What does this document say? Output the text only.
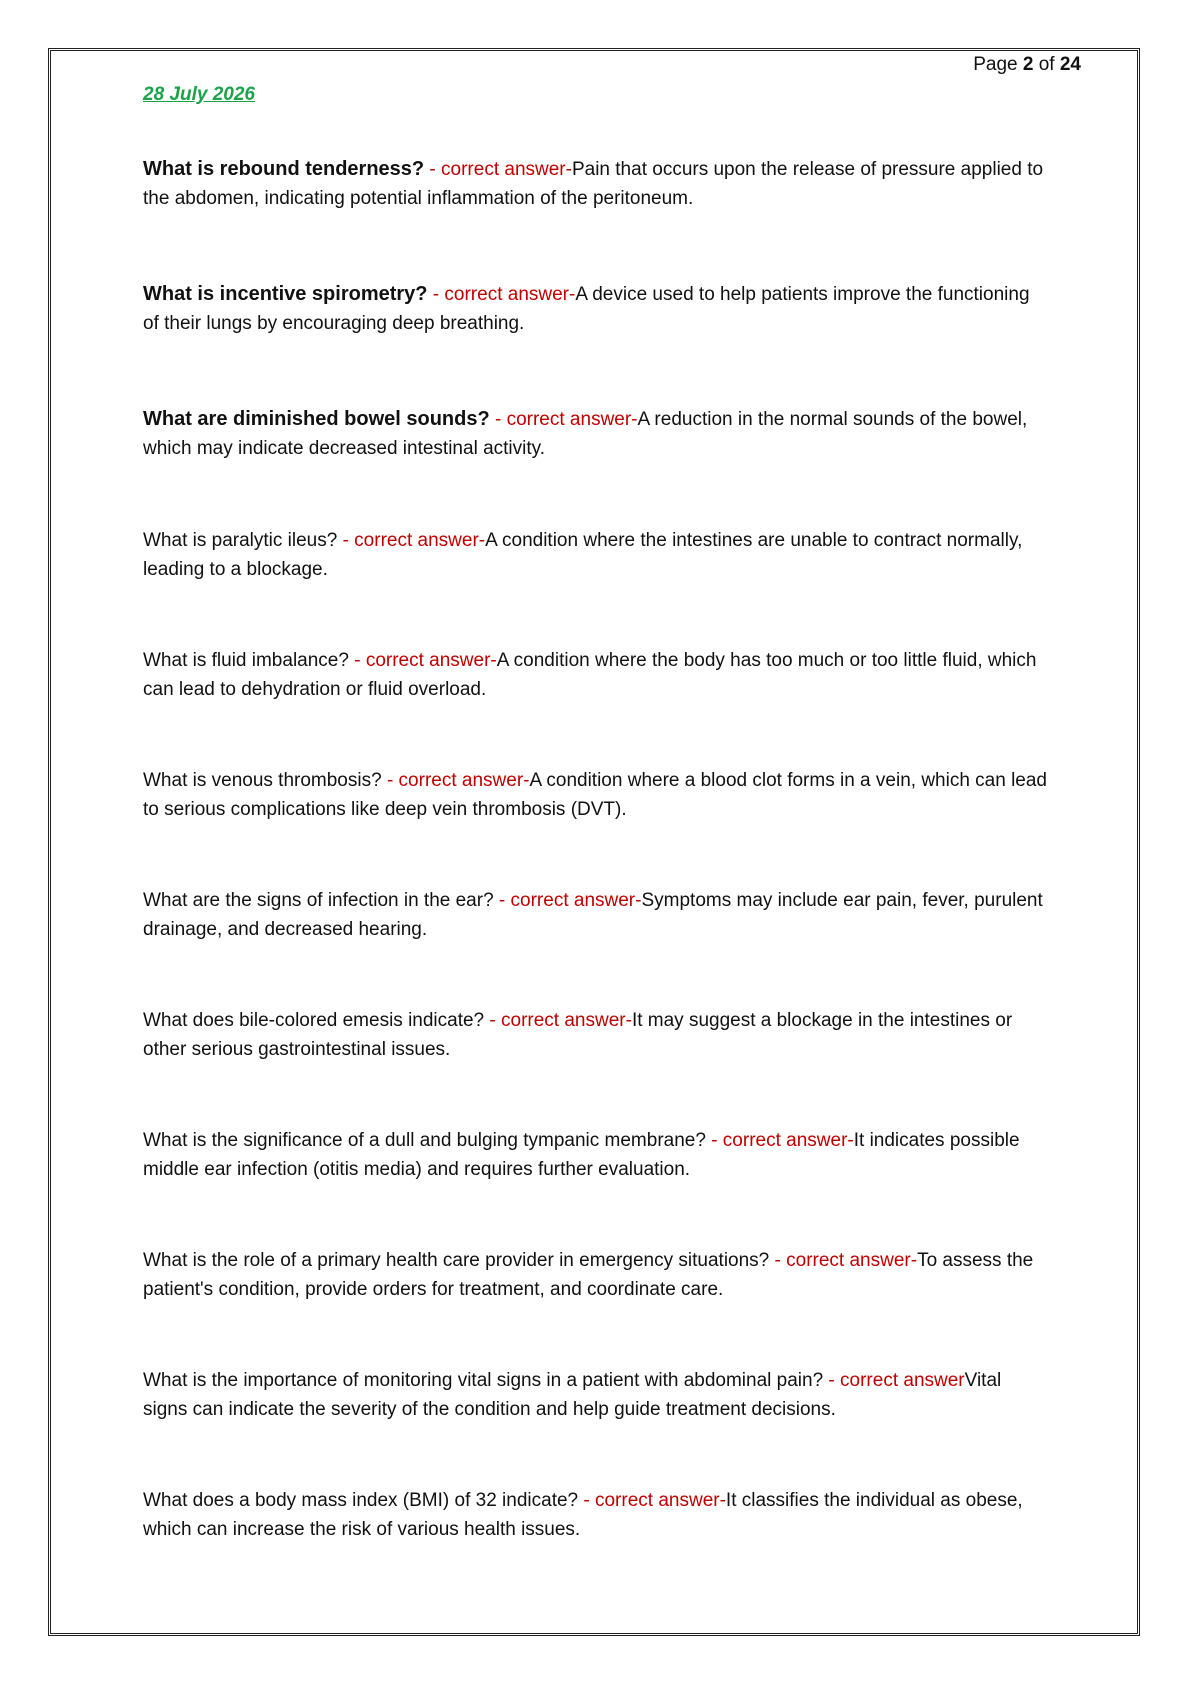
Page 2 of 24
28 July 2026
What is rebound tenderness? - correct answer-Pain that occurs upon the release of pressure applied to the abdomen, indicating potential inflammation of the peritoneum.
What is incentive spirometry? - correct answer-A device used to help patients improve the functioning of their lungs by encouraging deep breathing.
What are diminished bowel sounds? - correct answer-A reduction in the normal sounds of the bowel, which may indicate decreased intestinal activity.
What is paralytic ileus? - correct answer-A condition where the intestines are unable to contract normally, leading to a blockage.
What is fluid imbalance? - correct answer-A condition where the body has too much or too little fluid, which can lead to dehydration or fluid overload.
What is venous thrombosis? - correct answer-A condition where a blood clot forms in a vein, which can lead to serious complications like deep vein thrombosis (DVT).
What are the signs of infection in the ear? - correct answer-Symptoms may include ear pain, fever, purulent drainage, and decreased hearing.
What does bile-colored emesis indicate? - correct answer-It may suggest a blockage in the intestines or other serious gastrointestinal issues.
What is the significance of a dull and bulging tympanic membrane? - correct answer-It indicates possible middle ear infection (otitis media) and requires further evaluation.
What is the role of a primary health care provider in emergency situations? - correct answer-To assess the patient's condition, provide orders for treatment, and coordinate care.
What is the importance of monitoring vital signs in a patient with abdominal pain? - correct answerVital signs can indicate the severity of the condition and help guide treatment decisions.
What does a body mass index (BMI) of 32 indicate? - correct answer-It classifies the individual as obese, which can increase the risk of various health issues.
